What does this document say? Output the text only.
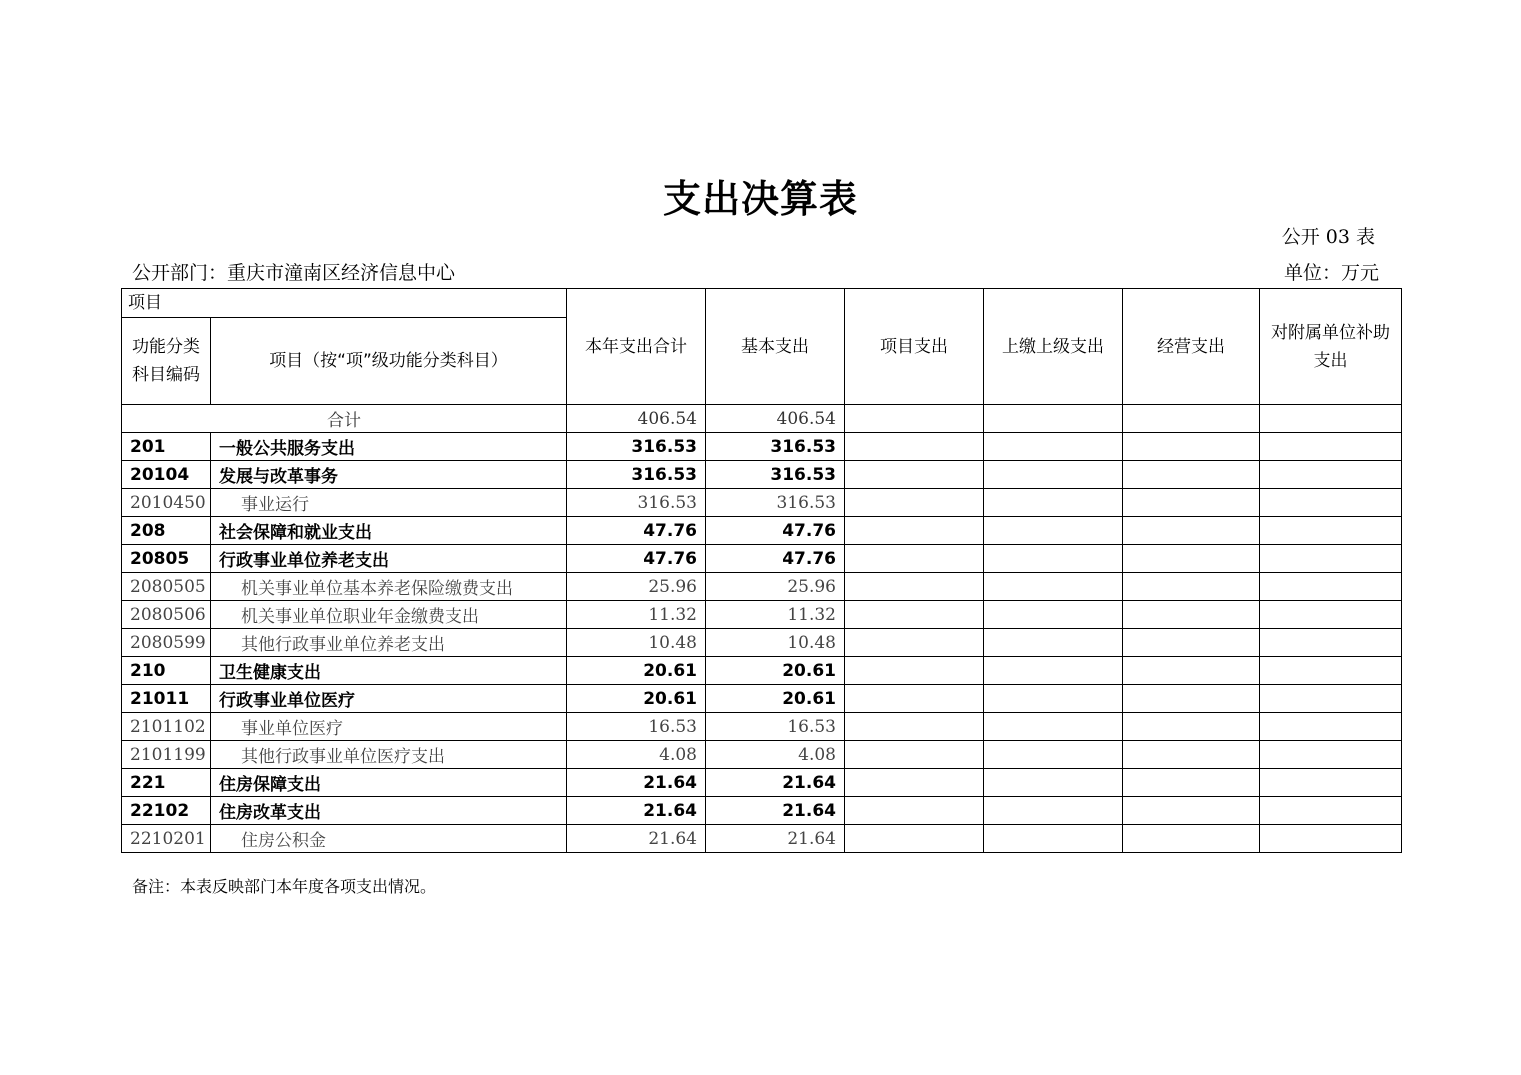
支出决算表
公开 03 表
公开部门：重庆市潼南区经济信息中心	单位：万元
项目		本年支出合计	基本支出	项目支出	上缴上级支出	经营支出	对附属单位补助支出
功能分类科目编码	项目（按“项”级功能分类科目）						
合计		406.54	406.54				
201	一般公共服务支出	316.53	316.53				
20104	发展与改革事务	316.53	316.53				
2010450	事业运行	316.53	316.53				
208	社会保障和就业支出	47.76	47.76				
20805	行政事业单位养老支出	47.76	47.76				
2080505	机关事业单位基本养老保险缴费支出	25.96	25.96				
2080506	机关事业单位职业年金缴费支出	11.32	11.32				
2080599	其他行政事业单位养老支出	10.48	10.48				
210	卫生健康支出	20.61	20.61				
21011	行政事业单位医疗	20.61	20.61				
2101102	事业单位医疗	16.53	16.53				
2101199	其他行政事业单位医疗支出	4.08	4.08				
221	住房保障支出	21.64	21.64				
22102	住房改革支出	21.64	21.64				
2210201	住房公积金	21.64	21.64				
备注：本表反映部门本年度各项支出情况。
